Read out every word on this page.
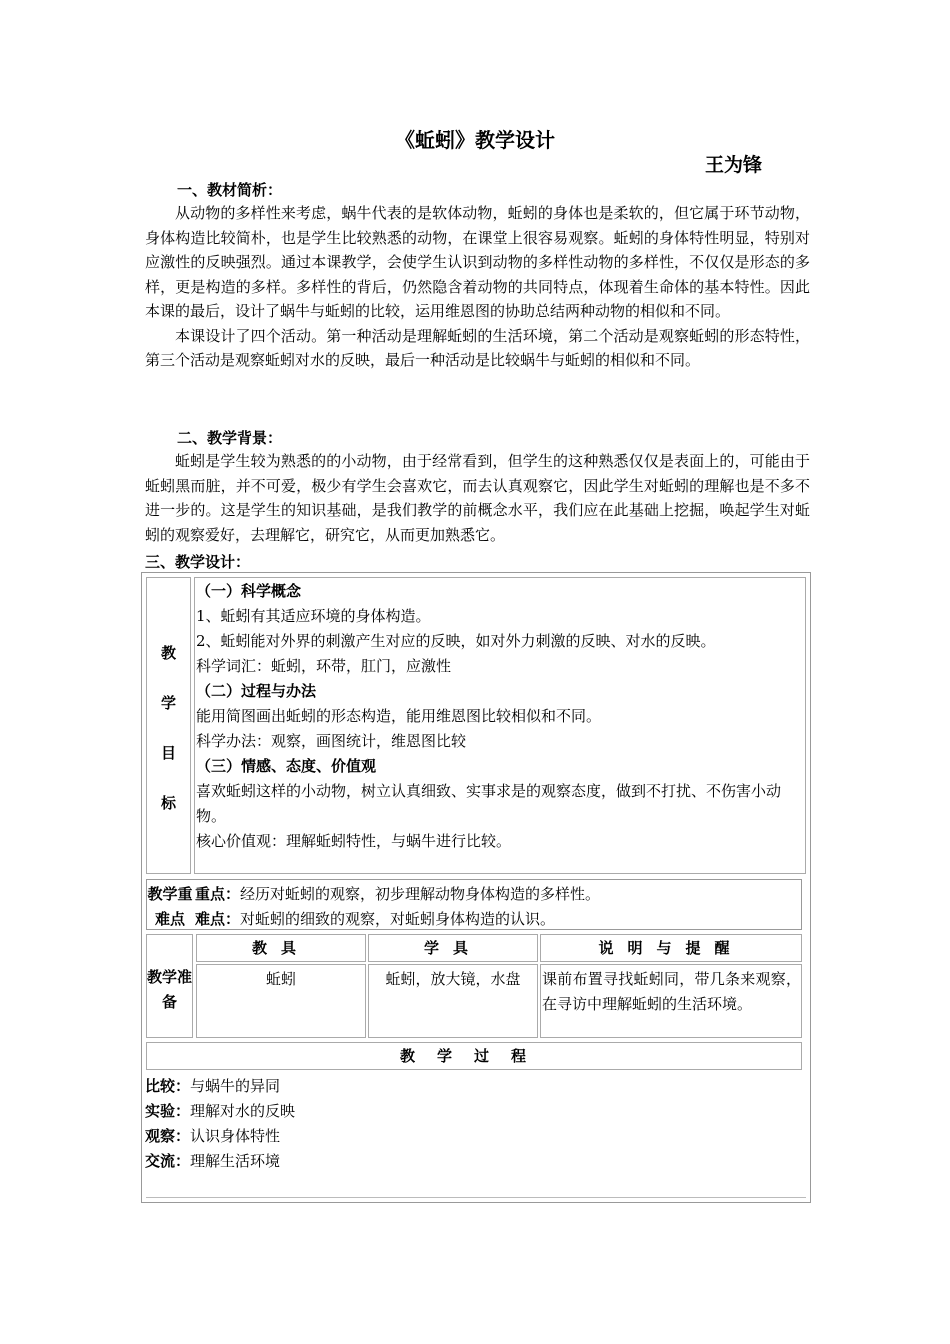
《蚯蚓》教学设计
王为锋
一、教材简析：

从动物的多样性来考虑，蜗牛代表的是软体动物，蚯蚓的身体也是柔软的，但它属于环节动物，身体构造比较简朴，也是学生比较熟悉的动物，在课堂上很容易观察。蚯蚓的身体特性明显，特别对应激性的反映强烈。通过本课教学，会使学生认识到动物的多样性动物的多样性，不仅仅是形态的多样，更是构造的多样。多样性的背后，仍然隐含着动物的共同特点，体现着生命体的基本特性。因此本课的最后，设计了蜗牛与蚯蚓的比较，运用维恩图的协助总结两种动物的相似和不同。

本课设计了四个活动。第一种活动是理解蚯蚓的生活环境，第二个活动是观察蚯蚓的形态特性，第三个活动是观察蚯蚓对水的反映，最后一种活动是比较蜗牛与蚯蚓的相似和不同。

二、教学背景：

蚯蚓是学生较为熟悉的的小动物，由于经常看到，但学生的这种熟悉仅仅是表面上的，可能由于蚯蚓黑而脏，并不可爱，极少有学生会喜欢它，而去认真观察它，因此学生对蚯蚓的理解也是不多不进一步的。这是学生的知识基础，是我们教学的前概念水平，我们应在此基础上挖掘，唤起学生对蚯蚓的观察爱好，去理解它，研究它，从而更加熟悉它。

三、教学设计：
教
学
目
标
（一）科学概念
1、蚯蚓有其适应环境的身体构造。
2、蚯蚓能对外界的刺激产生对应的反映，如对外力刺激的反映、对水的反映。
科学词汇：蚯蚓，环带，肛门，应激性
（二）过程与办法
能用简图画出蚯蚓的形态构造，能用维恩图比较相似和不同。
科学办法：观察，画图统计，维恩图比较
（三）情感、态度、价值观
喜欢蚯蚓这样的小动物，树立认真细致、实事求是的观察态度，做到不打扰、不伤害小动物。
核心价值观：理解蚯蚓特性，与蜗牛进行比较。
教学重难点
重点：经历对蚯蚓的观察，初步理解动物身体构造的多样性。
难点：对蚯蚓的细致的观察，对蚯蚓身体构造的认识。
教学准备
教具	学具	说明与提醒
蚯蚓	蚯蚓，放大镜，水盘	课前布置寻找蚯蚓同，带几条来观察，在寻访中理解蚯蚓的生活环境。
教学过程
比较：与蜗牛的异同
实验：理解对水的反映
观察：认识身体特性
交流：理解生活环境
